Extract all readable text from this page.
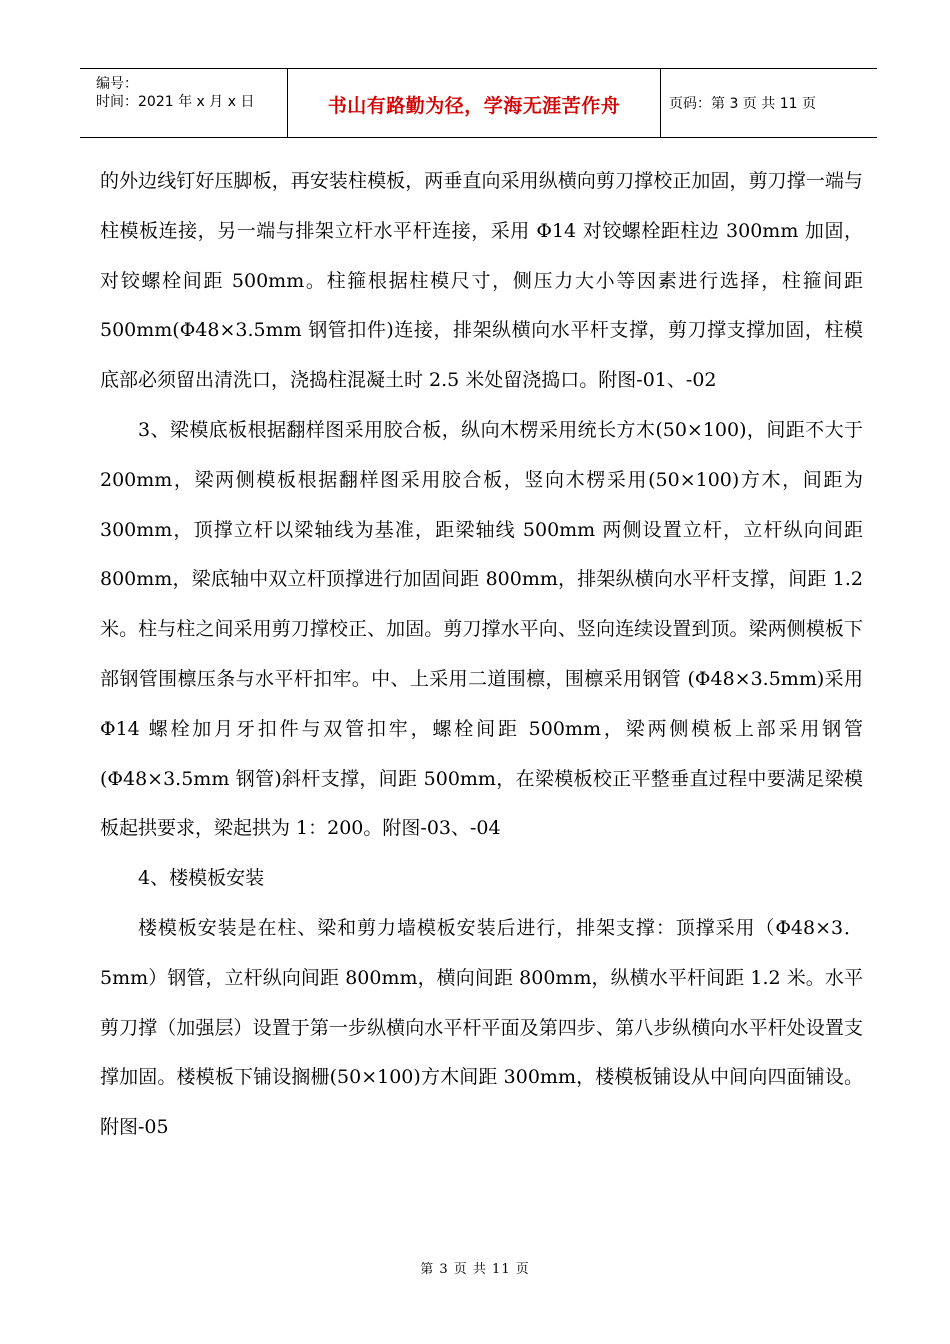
编号：
时间：2021 年 x 月 x 日	书山有路勤为径，学海无涯苦作舟	页码：第 3 页 共 11 页

的外边线钉好压脚板，再安装柱模板，两垂直向采用纵横向剪刀撑校正加固，剪刀撑一端与柱模板连接，另一端与排架立杆水平杆连接，采用 Φ14 对铰螺栓距柱边 300mm 加固，对铰螺栓间距 500mm。柱箍根据柱模尺寸，侧压力大小等因素进行选择，柱箍间距 500mm(Φ48×3.5mm 钢管扣件)连接，排架纵横向水平杆支撑，剪刀撑支撑加固，柱模底部必须留出清洗口，浇捣柱混凝土时 2.5 米处留浇捣口。附图-01、-02

3、梁模底板根据翻样图采用胶合板，纵向木楞采用统长方木(50×100)，间距不大于 200mm，梁两侧模板根据翻样图采用胶合板，竖向木楞采用(50×100)方木，间距为 300mm，顶撑立杆以梁轴线为基准，距梁轴线 500mm 两侧设置立杆，立杆纵向间距 800mm，梁底轴中双立杆顶撑进行加固间距 800mm，排架纵横向水平杆支撑，间距 1.2 米。柱与柱之间采用剪刀撑校正、加固。剪刀撑水平向、竖向连续设置到顶。梁两侧模板下部钢管围檩压条与水平杆扣牢。中、上采用二道围檩，围檩采用钢管 (Φ48×3.5mm)采用 Φ14 螺栓加月牙扣件与双管扣牢，螺栓间距 500mm，梁两侧模板上部采用钢管(Φ48×3.5mm 钢管)斜杆支撑，间距 500mm，在梁模板校正平整垂直过程中要满足梁模板起拱要求，梁起拱为 1：200。附图-03、-04

4、楼模板安装

楼模板安装是在柱、梁和剪力墙模板安装后进行，排架支撑：顶撑采用（Φ48×3．5mm）钢管，立杆纵向间距 800mm，横向间距 800mm，纵横水平杆间距 1.2 米。水平剪刀撑（加强层）设置于第一步纵横向水平杆平面及第四步、第八步纵横向水平杆处设置支撑加固。楼模板下铺设搁栅(50×100)方木间距 300mm，楼模板铺设从中间向四面铺设。附图-05

第 3 页 共 11 页
